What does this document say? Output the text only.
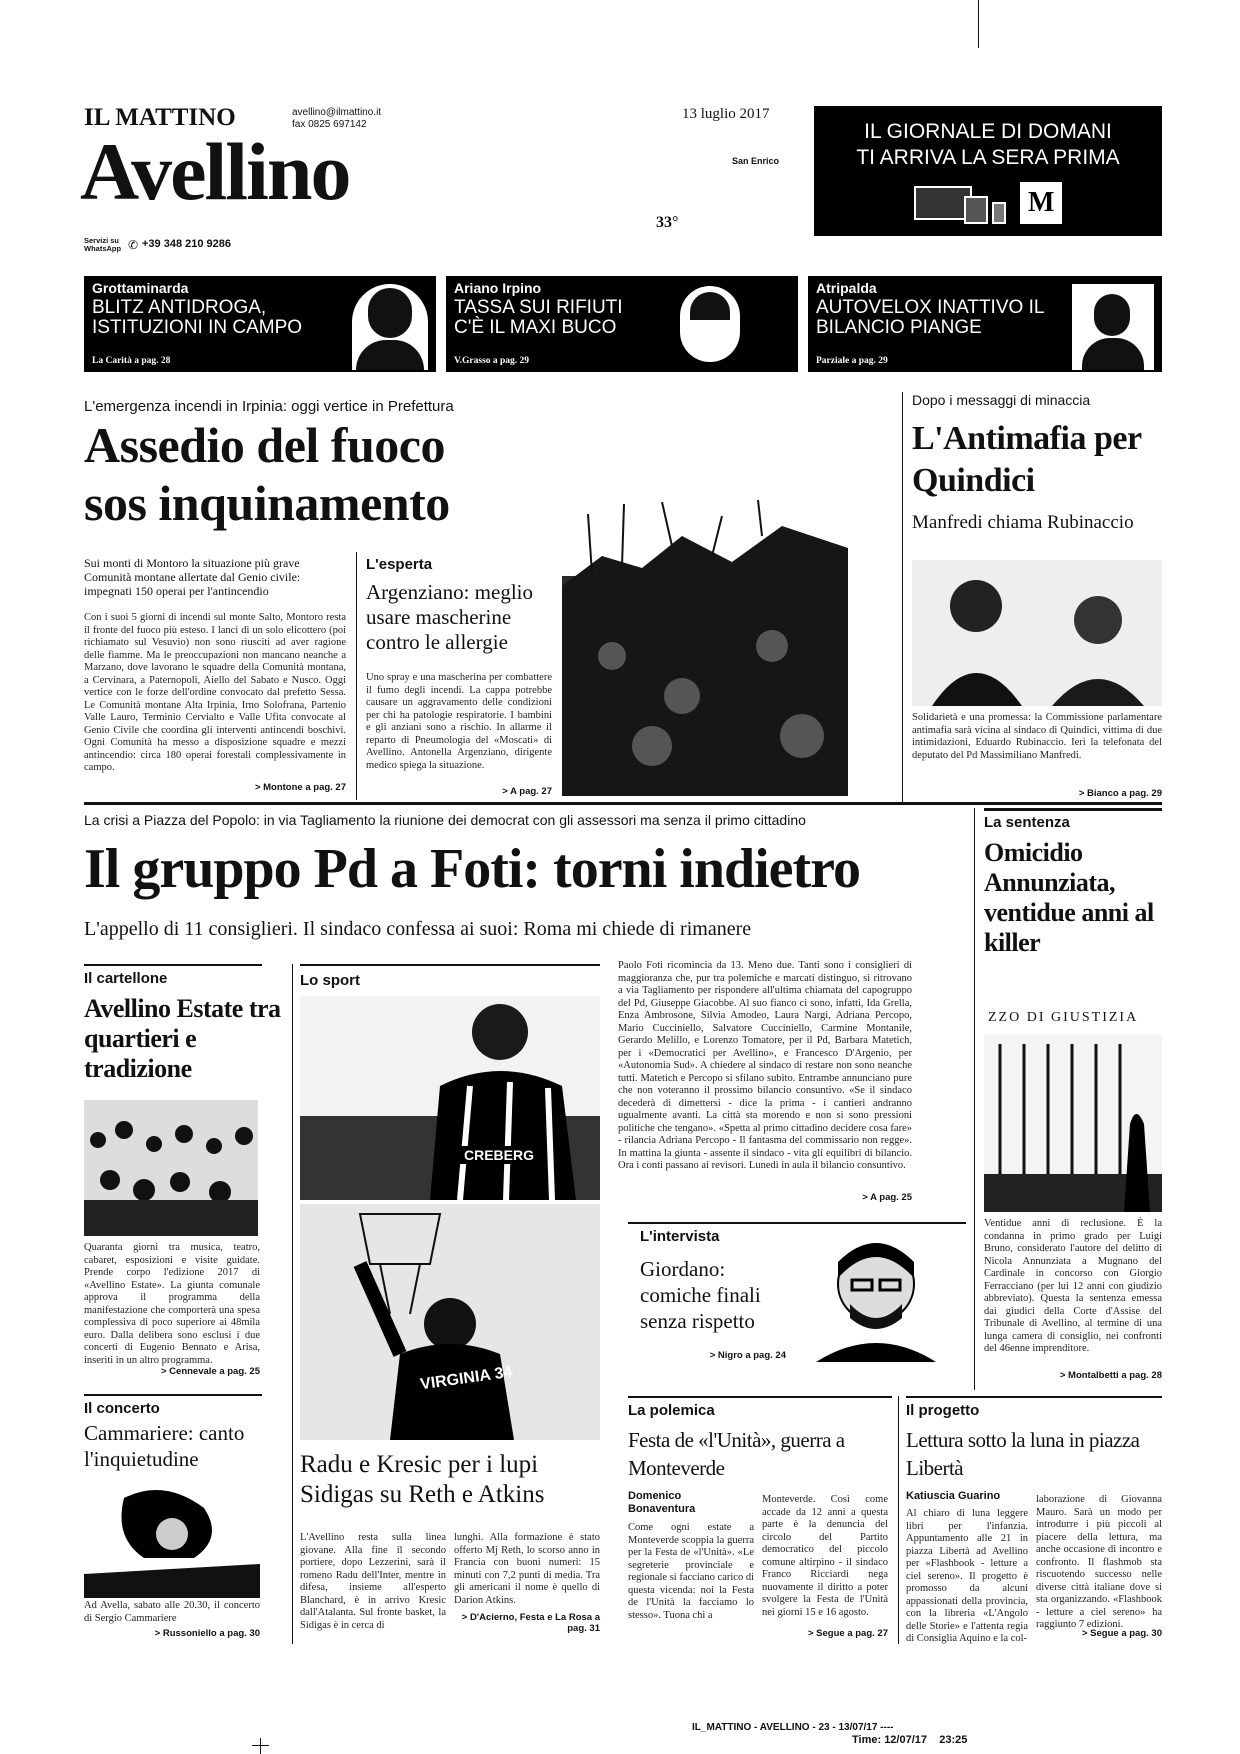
IL MATTINO	avellino@ilmattino.it
fax 0825 697142
Avellino
Servizi su WhatsApp ✆ +39 348 210 9286
13 luglio 2017
San Enrico
33°
IL GIORNALE DI DOMANI
TI ARRIVA LA SERA PRIMA
M
Grottaminarda
BLITZ ANTIDROGA, ISTITUZIONI IN CAMPO
La Carità a pag. 28
Ariano Irpino
TASSA SUI RIFIUTI C'È IL MAXI BUCO
V.Grasso a pag. 29
Atripalda
AUTOVELOX INATTIVO IL BILANCIO PIANGE
Parziale a pag. 29
L'emergenza incendi in Irpinia: oggi vertice in Prefettura
Assedio del fuoco
sos inquinamento
Sui monti di Montoro la situazione più grave Comunità montane allertate dal Genio civile: impegnati 150 operai per l'antincendio
Con i suoi 5 giorni di incendi sul monte Salto, Montoro resta il fronte del fuoco più esteso. I lanci di un solo elicottero (poi richiamato sul Vesuvio) non sono riusciti ad aver ragione delle fiamme. Ma le preoccupazioni non mancano neanche a Marzano, dove lavorano le squadre della Comunità montana, a Cervinara, a Paternopoli, Aiello del Sabato e Nusco. Oggi vertice con le forze dell'ordine convocato dal prefetto Sessa. Le Comunità montane Alta Irpinia, Irno Solofrana, Partenio Valle Lauro, Terminio Cervialto e Valle Ufita convocate al Genio Civile che coordina gli interventi antincendi boschivi. Ogni Comunità ha messo a disposizione squadre e mezzi antincendio: circa 180 operai forestali complessivamente in campo.
> Montone a pag. 27
L'esperta
Argenziano: meglio usare mascherine contro le allergie
Uno spray e una mascherina per combattere il fumo degli incendi. La cappa potrebbe causare un aggravamento delle condizioni per chi ha patologie respiratorie. I bambini e gli anziani sono a rischio. In allarme il reparto di Pneumologia del «Moscati» di Avellino. Antonella Argenziano, dirigente medico spiega la situazione.
> A pag. 27
Dopo i messaggi di minaccia
L'Antimafia per Quindici
Manfredi chiama Rubinaccio
Solidarietà e una promessa: la Commissione parlamentare antimafia sarà vicina al sindaco di Quindici, vittima di due intimidazioni, Eduardo Rubinaccio. Ieri la telefonata del deputato del Pd Massimiliano Manfredi.
> Bianco a pag. 29
La crisi a Piazza del Popolo: in via Tagliamento la riunione dei democrat con gli assessori ma senza il primo cittadino
Il gruppo Pd a Foti: torni indietro
L'appello di 11 consiglieri. Il sindaco confessa ai suoi: Roma mi chiede di rimanere
Paolo Foti ricomincia da 13. Meno due. Tanti sono i consiglieri di maggioranza che, pur tra polemiche e marcati distinguo, si ritrovano a via Tagliamento per rispondere all'ultima chiamata del capogruppo del Pd, Giuseppe Giacobbe. Al suo fianco ci sono, infatti, Ida Grella, Enza Ambrosone, Silvia Amodeo, Laura Nargi, Adriana Percopo, Mario Cucciniello, Salvatore Cucciniello, Carmine Montanile, Gerardo Melillo, e Lorenzo Tomatore, per il Pd, Barbara Matetich, per i «Democratici per Avellino», e Francesco D'Argenio, per «Autonomia Sud». A chiedere al sindaco di restare non sono neanche tutti. Matetich e Percopo si sfilano subito. Entrambe annunciano pure che non voteranno il prossimo bilancio consuntivo. «Se il sindaco decederà di dimettersi - dice la prima - i cantieri andranno ugualmente avanti. La città sta morendo e non si sono pressioni politiche che tengano». «Spetta al primo cittadino decidere cosa fare» - rilancia Adriana Percopo - Il fantasma del commissario non regge». In mattina la giunta - assente il sindaco - vita gli equilibri di bilancio. Ora i conti passano ai revisori. Lunedì in aula il bilancio consuntivo.
> A pag. 25
La sentenza
Omicidio Annunziata, ventidue anni al killer
ZZO DI GIUSTIZIA
Ventidue anni di reclusione. È la condanna in primo grado per Luigi Bruno, considerato l'autore del delitto di Nicola Annunziata a Mugnano del Cardinale in concorso con Giorgio Ferracciano (per lui 12 anni con giudizio abbreviato). Questa la sentenza emessa dai giudici della Corte d'Assise del Tribunale di Avellino, al termine di una lunga camera di consiglio, nei confronti del 46enne imprenditore.
> Montalbetti a pag. 28
Il cartellone
Avellino Estate tra quartieri e tradizione
Quaranta giorni tra musica, teatro, cabaret, esposizioni e visite guidate. Prende corpo l'edizione 2017 di «Avellino Estate». La giunta comunale approva il programma della manifestazione che comporterà una spesa complessiva di poco superiore ai 48mila euro. Dalla delibera sono esclusi i due concerti di Eugenio Bennato e Arisa, inseriti in un altro programma.
> Cennevale a pag. 25
Lo sport
CREBERG
VIRGINIA 34
Radu e Kresic per i lupi Sidigas su Reth e Atkins
L'Avellino resta sulla linea giovane. Alla fine il secondo portiere, dopo Lezzerini, sarà il romeno Radu dell'Inter, mentre in difesa, insieme all'esperto Blanchard, è in arrivo Kresic dall'Atalanta. Sul fronte basket, la Sidigas è in cerca di
lunghi. Alla formazione è stato offerto Mj Reth, lo scorso anno in Francia con buoni numeri: 15 minuti con 7,2 punti di media. Tra gli americani il nome è quello di Darion Atkins.
> D'Acierno, Festa e La Rosa a pag. 31
L'intervista
Giordano: comiche finali senza rispetto
> Nigro a pag. 24
Il concerto
Cammariere: canto l'inquietudine
Ad Avella, sabato alle 20.30, il concerto di Sergio Cammariere
> Russoniello a pag. 30
La polemica
Festa de «l'Unità», guerra a Monteverde
Domenico Bonaventura
Come ogni estate a Monteverde scoppia la guerra per la Festa de «l'Unità». «Le segreterie provinciale e regionale si facciano carico di questa vicenda: noi la Festa de l'Unità la facciamo lo stesso». Tuona chi a
Monteverde. Così come accade da 12 anni a questa parte è la denuncia del circolo del Partito democratico del piccolo comune altirpino - il sindaco Franco Ricciardi nega nuovamente il diritto a poter svolgere la Festa de l'Unità nei giorni 15 e 16 agosto.
> Segue a pag. 27
Il progetto
Lettura sotto la luna in piazza Libertà
Katiuscia Guarino
Al chiaro di luna leggere libri per l'infanzia. Appuntamento alle 21 in piazza Libertà ad Avellino per «Flashbook - letture a ciel sereno». Il progetto è promosso da alcuni appassionati della provincia, con la libreria «L'Angolo delle Storie» e l'attenta regia di Consiglia Aquino e la col-
laborazione di Giovanna Mauro. Sarà un modo per introdurre i più piccoli al piacere della lettura, ma anche occasione di incontro e confronto. Il flashmob sta riscuotendo successo nelle diverse città italiane dove si sta organizzando. «Flashbook - letture a ciel sereno» ha raggiunto 7 edizioni.
> Segue a pag. 30
IL_MATTINO - AVELLINO - 23 - 13/07/17 ----
Time: 12/07/17    23:25
